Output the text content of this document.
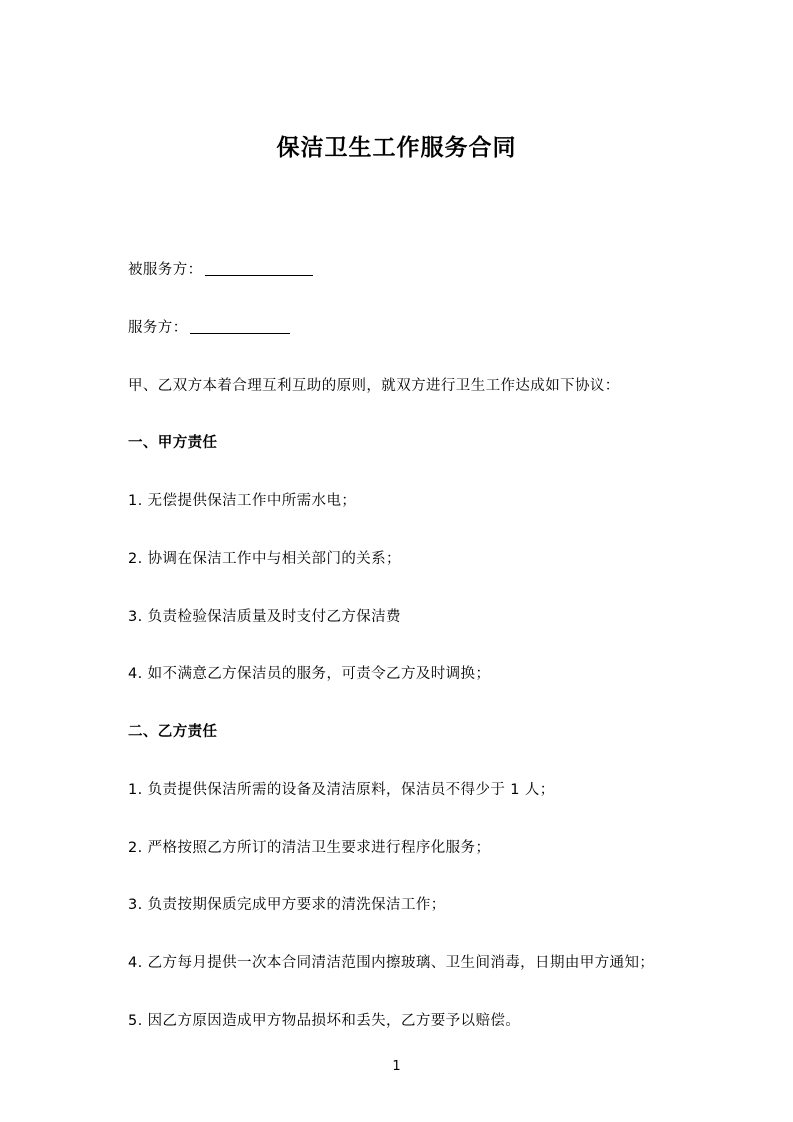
保洁卫生工作服务合同

被服务方：

服务方：

甲、乙双方本着合理互利互助的原则，就双方进行卫生工作达成如下协议：

一、甲方责任

1. 无偿提供保洁工作中所需水电；

2. 协调在保洁工作中与相关部门的关系；

3. 负责检验保洁质量及时支付乙方保洁费

4. 如不满意乙方保洁员的服务，可责令乙方及时调换；

二、乙方责任

1. 负责提供保洁所需的设备及清洁原料，保洁员不得少于 1 人；

2. 严格按照乙方所订的清洁卫生要求进行程序化服务；

3. 负责按期保质完成甲方要求的清洗保洁工作；

4. 乙方每月提供一次本合同清洁范围内擦玻璃、卫生间消毒，日期由甲方通知；

5. 因乙方原因造成甲方物品损坏和丢失，乙方要予以赔偿。

1
